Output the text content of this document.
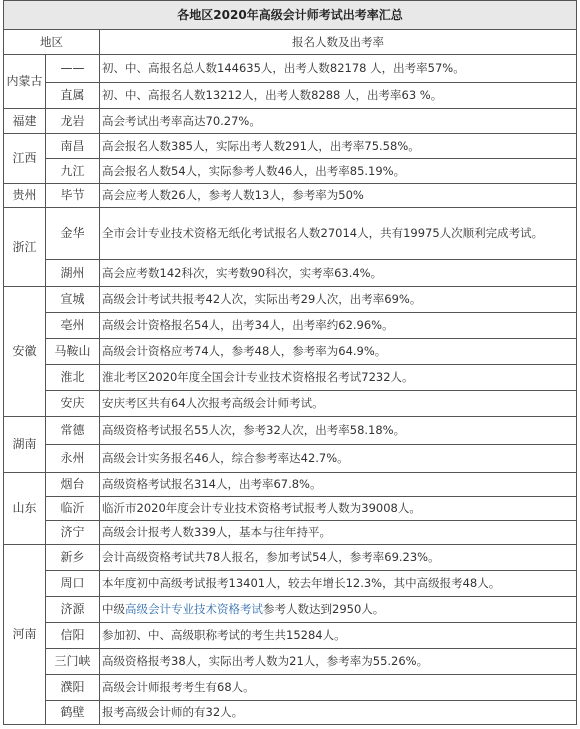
各地区2020年高级会计师考试出考率汇总		
地区		报名人数及出考率
内蒙古	——	初、中、高报名总人数144635人，出考人数82178 人，出考率57%。
	直属	初、中、高报名人数13212人，出考人数8288 人，出考率63 %。
福建	龙岩	高会考试出考率高达70.27%。
江西	南昌	高会报名人数385人，实际出考人数291人，出考率75.58%。
	九江	高会报名人数54人，实际参考人数46人，出考率85.19%。
贵州	毕节	高会应考人数26人，参考人数13人，参考率为50%
浙江	金华	全市会计专业技术资格无纸化考试报名人数27014人，共有19975人次顺利完成考试。
	湖州	高会应考数142科次，实考数90科次，实考率63.4%。
安徽	宣城	高级会计考试共报考42人次，实际出考29人次，出考率69%。
	亳州	高级会计资格报名54人，出考34人，出考率约62.96%。
	马鞍山	高级会计资格应考74人，参考48人，参考率为64.9%。
	淮北	淮北考区2020年度全国会计专业技术资格报名考试7232人。
	安庆	安庆考区共有64人次报考高级会计师考试。
湖南	常德	高级资格考试报名55人次，参考32人次，出考率58.18%。
	永州	高级会计实务报名46人，综合参考率达42.7%。
山东	烟台	高级资格考试报名314人，出考率67.8%。
	临沂	临沂市2020年度会计专业技术资格考试报考人数为39008人。
	济宁	高级会计报考人数339人，基本与往年持平。
河南	新乡	会计高级资格考试共78人报名，参加考试54人，参考率69.23%。
	周口	本年度初中高级考试报考13401人，较去年增长12.3%，其中高级报考48人。
	济源	中级高级会计专业技术资格考试参考人数达到2950人。
	信阳	参加初、中、高级职称考试的考生共15284人。
	三门峡	高级资格报考38人，实际出考人数为21人，参考率为55.26%。
	濮阳	高级会计师报考考生有68人。
	鹤壁	报考高级会计师的有32人。
